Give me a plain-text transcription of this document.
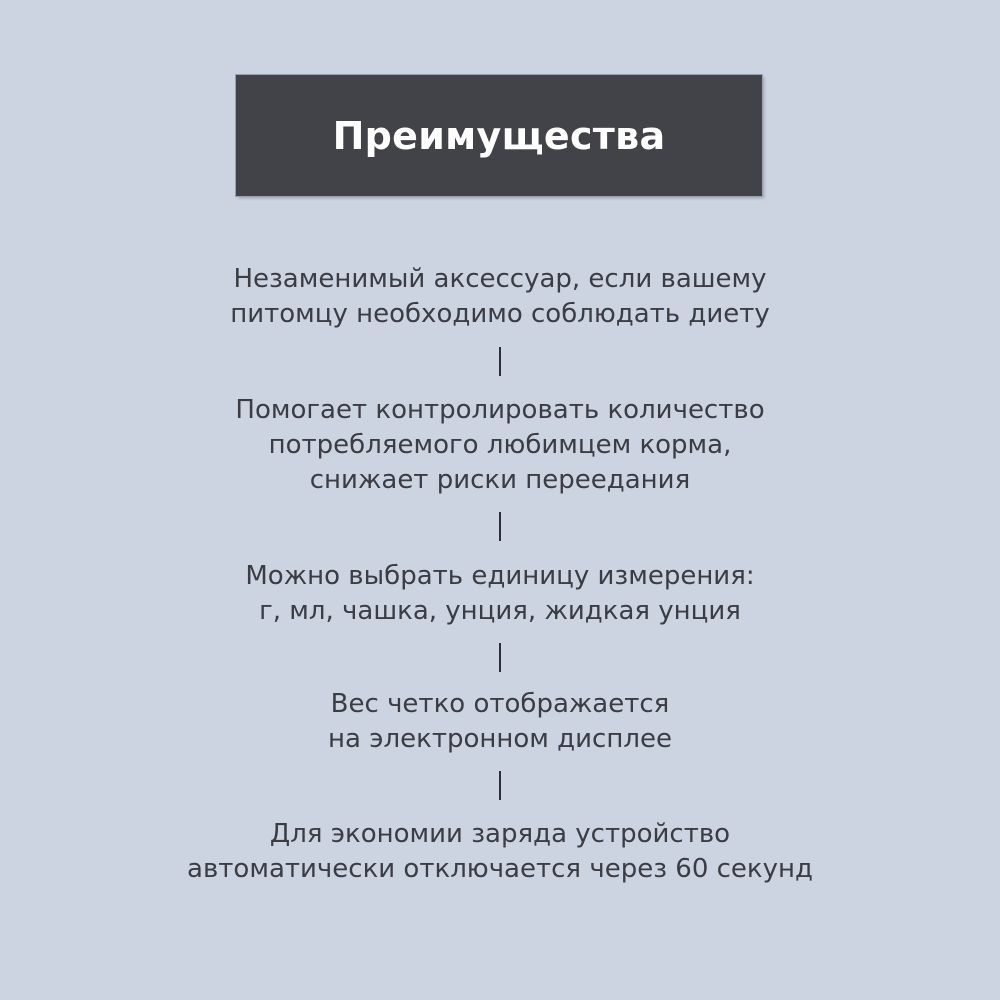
Преимущества
Незаменимый аксессуар, если вашему
питомцу необходимо соблюдать диету
Помогает контролировать количество
потребляемого любимцем корма,
снижает риски переедания
Можно выбрать единицу измерения:
г, мл, чашка, унция, жидкая унция
Вес четко отображается
на электронном дисплее
Для экономии заряда устройство
автоматически отключается через 60 секунд
